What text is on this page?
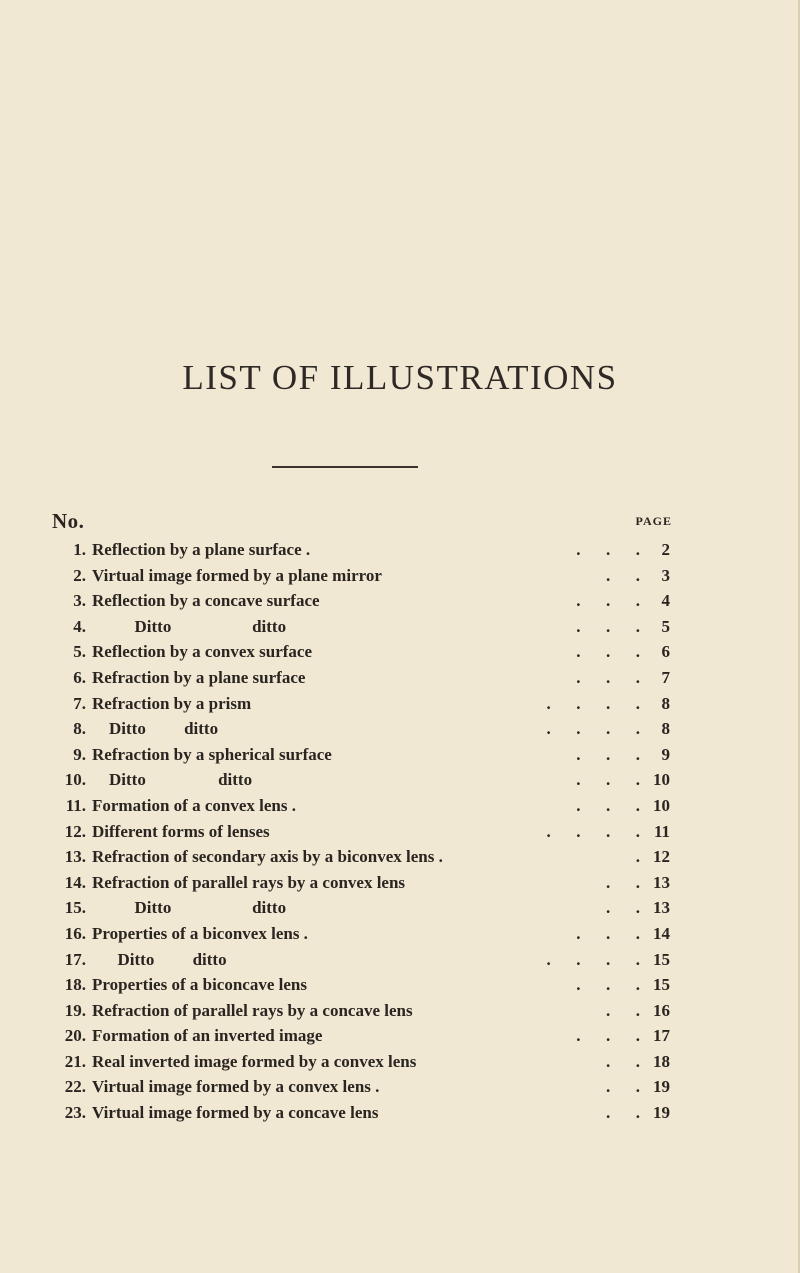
LIST OF ILLUSTRATIONS
No.	PAGE
1. Reflection by a plane surface .	.      .      .	2
2. Virtual image formed by a plane mirror	.      .	3
3. Reflection by a concave surface	.      .      .	4
4. Ditto                   ditto	.      .      .	5
5. Reflection by a convex surface	.      .      .	6
6. Refraction by a plane surface	.      .      .	7
7. Refraction by a prism	.      .      .      .	8
8. Ditto         ditto	.      .      .      .	8
9. Refraction by a spherical surface	.      .      .	9
10. Ditto                 ditto	.      .      . 10
11. Formation of a convex lens .	.      .      . 10
12. Different forms of lenses	.      .      .      . 11
13. Refraction of secondary axis by a biconvex lens .	. 12
14. Refraction of parallel rays by a convex lens	.      . 13
15. Ditto                   ditto	.      . 13
16. Properties of a biconvex lens .	.      .      . 14
17. Ditto         ditto	.      .      .      . 15
18. Properties of a biconcave lens	.      .      . 15
19. Refraction of parallel rays by a concave lens	.      . 16
20. Formation of an inverted image	.      .      . 17
21. Real inverted image formed by a convex lens	.      . 18
22. Virtual image formed by a convex lens .	.      . 19
23. Virtual image formed by a concave lens	.      . 19
